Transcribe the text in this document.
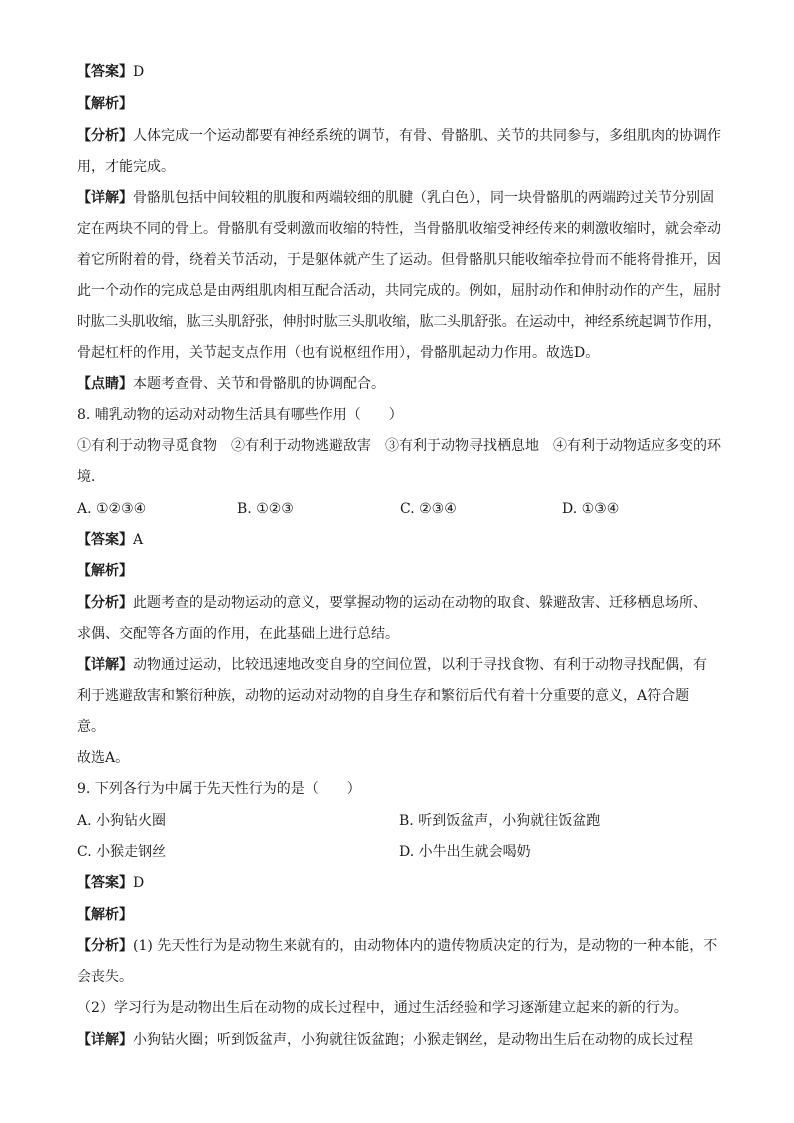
【答案】D
【解析】
【分析】人体完成一个运动都要有神经系统的调节，有骨、骨骼肌、关节的共同参与，多组肌肉的协调作
用，才能完成。
【详解】骨骼肌包括中间较粗的肌腹和两端较细的肌腱（乳白色），同一块骨骼肌的两端跨过关节分别固
定在两块不同的骨上。骨骼肌有受刺激而收缩的特性，当骨骼肌收缩受神经传来的刺激收缩时，就会牵动
着它所附着的骨，绕着关节活动，于是躯体就产生了运动。但骨骼肌只能收缩牵拉骨而不能将骨推开，因
此一个动作的完成总是由两组肌肉相互配合活动，共同完成的。例如，屈肘动作和伸肘动作的产生，屈肘
时肱二头肌收缩，肱三头肌舒张，伸肘时肱三头肌收缩，肱二头肌舒张。在运动中，神经系统起调节作用，
骨起杠杆的作用，关节起支点作用（也有说枢纽作用），骨骼肌起动力作用。故选D。
【点睛】本题考查骨、关节和骨骼肌的协调配合。
8. 哺乳动物的运动对动物生活具有哪些作用（　　）
①有利于动物寻觅食物　②有利于动物逃避敌害　③有利于动物寻找栖息地　④有利于动物适应多变的环
境．
A. ①②③④	B. ①②③	C. ②③④	D. ①③④
【答案】A
【解析】
【分析】此题考查的是动物运动的意义，要掌握动物的运动在动物的取食、躲避敌害、迁移栖息场所、
求偶、交配等各方面的作用，在此基础上进行总结。
【详解】动物通过运动，比较迅速地改变自身的空间位置，以利于寻找食物、有利于动物寻找配偶，有
利于逃避敌害和繁衍种族，动物的运动对动物的自身生存和繁衍后代有着十分重要的意义，A符合题
意。
故选A。
9. 下列各行为中属于先天性行为的是（　　）
A. 小狗钻火圈	B. 听到饭盆声，小狗就往饭盆跑
C. 小猴走钢丝	D. 小牛出生就会喝奶
【答案】D
【解析】
【分析】(1) 先天性行为是动物生来就有的，由动物体内的遗传物质决定的行为，是动物的一种本能，不
会丧失。
（2）学习行为是动物出生后在动物的成长过程中，通过生活经验和学习逐渐建立起来的新的行为。
【详解】小狗钻火圈；听到饭盆声，小狗就往饭盆跑；小猴走钢丝，是动物出生后在动物的成长过程
